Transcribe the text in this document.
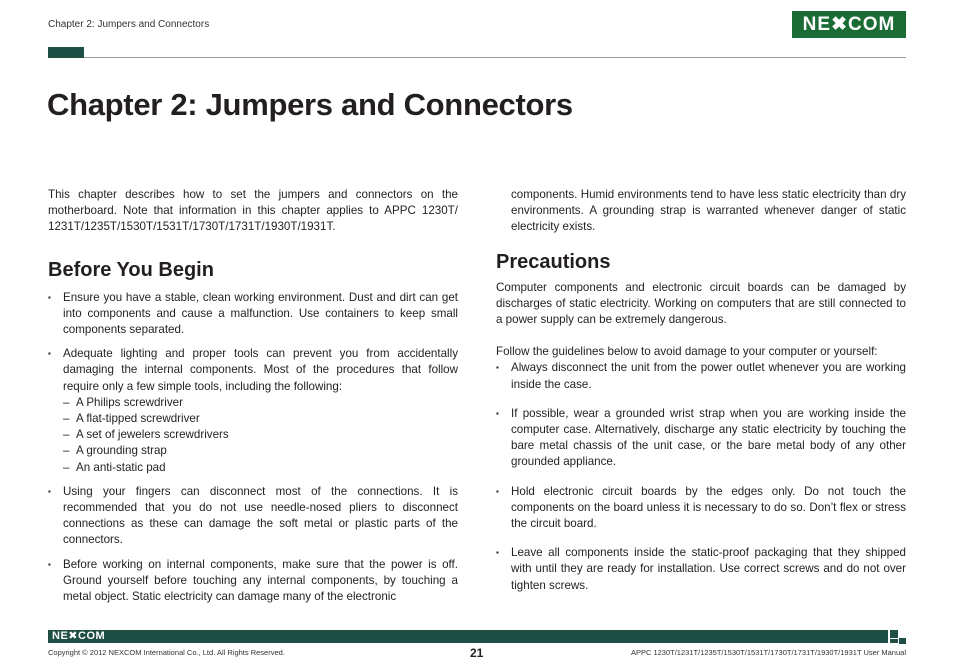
Chapter 2: Jumpers and Connectors	NE✖COM
Chapter 2: Jumpers and Connectors

This chapter describes how to set the jumpers and connectors on the motherboard. Note that information in this chapter applies to APPC 1230T/ 1231T/1235T/1530T/1531T/1730T/1731T/1930T/1931T.

Before You Begin
▪ Ensure you have a stable, clean working environment. Dust and dirt can get into components and cause a malfunction. Use containers to keep small components separated.
▪ Adequate lighting and proper tools can prevent you from accidentally damaging the internal components. Most of the procedures that follow require only a few simple tools, including the following:
– A Philips screwdriver
– A flat-tipped screwdriver
– A set of jewelers screwdrivers
– A grounding strap
– An anti-static pad
▪ Using your fingers can disconnect most of the connections. It is recommended that you do not use needle-nosed pliers to disconnect connections as these can damage the soft metal or plastic parts of the connectors.
▪ Before working on internal components, make sure that the power is off. Ground yourself before touching any internal components, by touching a metal object. Static electricity can damage many of the electronic

components. Humid environments tend to have less static electricity than dry environments. A grounding strap is warranted whenever danger of static electricity exists.

Precautions

Computer components and electronic circuit boards can be damaged by discharges of static electricity. Working on computers that are still connected to a power supply can be extremely dangerous.

Follow the guidelines below to avoid damage to your computer or yourself:

▪ Always disconnect the unit from the power outlet whenever you are working inside the case.
▪ If possible, wear a grounded wrist strap when you are working inside the computer case. Alternatively, discharge any static electricity by touching the bare metal chassis of the unit case, or the bare metal body of any other grounded appliance.
▪ Hold electronic circuit boards by the edges only. Do not touch the components on the board unless it is necessary to do so. Don’t flex or stress the circuit board.
▪ Leave all components inside the static-proof packaging that they shipped with until they are ready for installation. Use correct screws and do not over tighten screws.
NE✖COM
Copyright © 2012 NEXCOM International Co., Ltd. All Rights Reserved.	21	APPC 1230T/1231T/1235T/1530T/1531T/1730T/1731T/1930T/1931T User Manual
